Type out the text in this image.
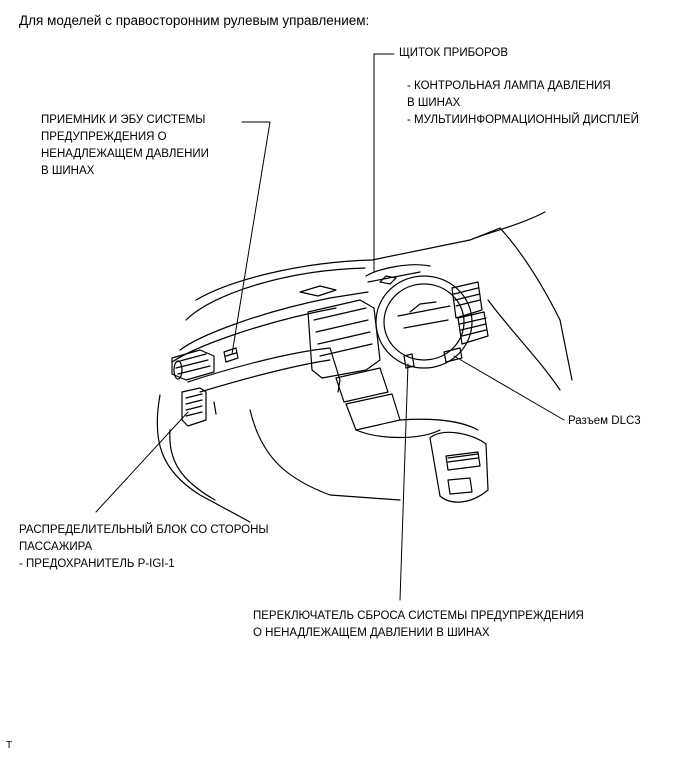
Для моделей с правосторонним рулевым управлением:
ЩИТОК ПРИБОРОВ
- КОНТРОЛЬНАЯ ЛАМПА ДАВЛЕНИЯ
В ШИНАХ
- МУЛЬТИИНФОРМАЦИОННЫЙ ДИСПЛЕЙ
ПРИЕМНИК И ЭБУ СИСТЕМЫ
ПРЕДУПРЕЖДЕНИЯ О
НЕНАДЛЕЖАЩЕМ ДАВЛЕНИИ
В ШИНАХ
Разъем DLC3
РАСПРЕДЕЛИТЕЛЬНЫЙ БЛОК СО СТОРОНЫ
ПАССАЖИРА
- ПРЕДОХРАНИТЕЛЬ P-IGI-1
ПЕРЕКЛЮЧАТЕЛЬ СБРОСА СИСТЕМЫ ПРЕДУПРЕЖДЕНИЯ
О НЕНАДЛЕЖАЩЕМ ДАВЛЕНИИ В ШИНАХ
T
